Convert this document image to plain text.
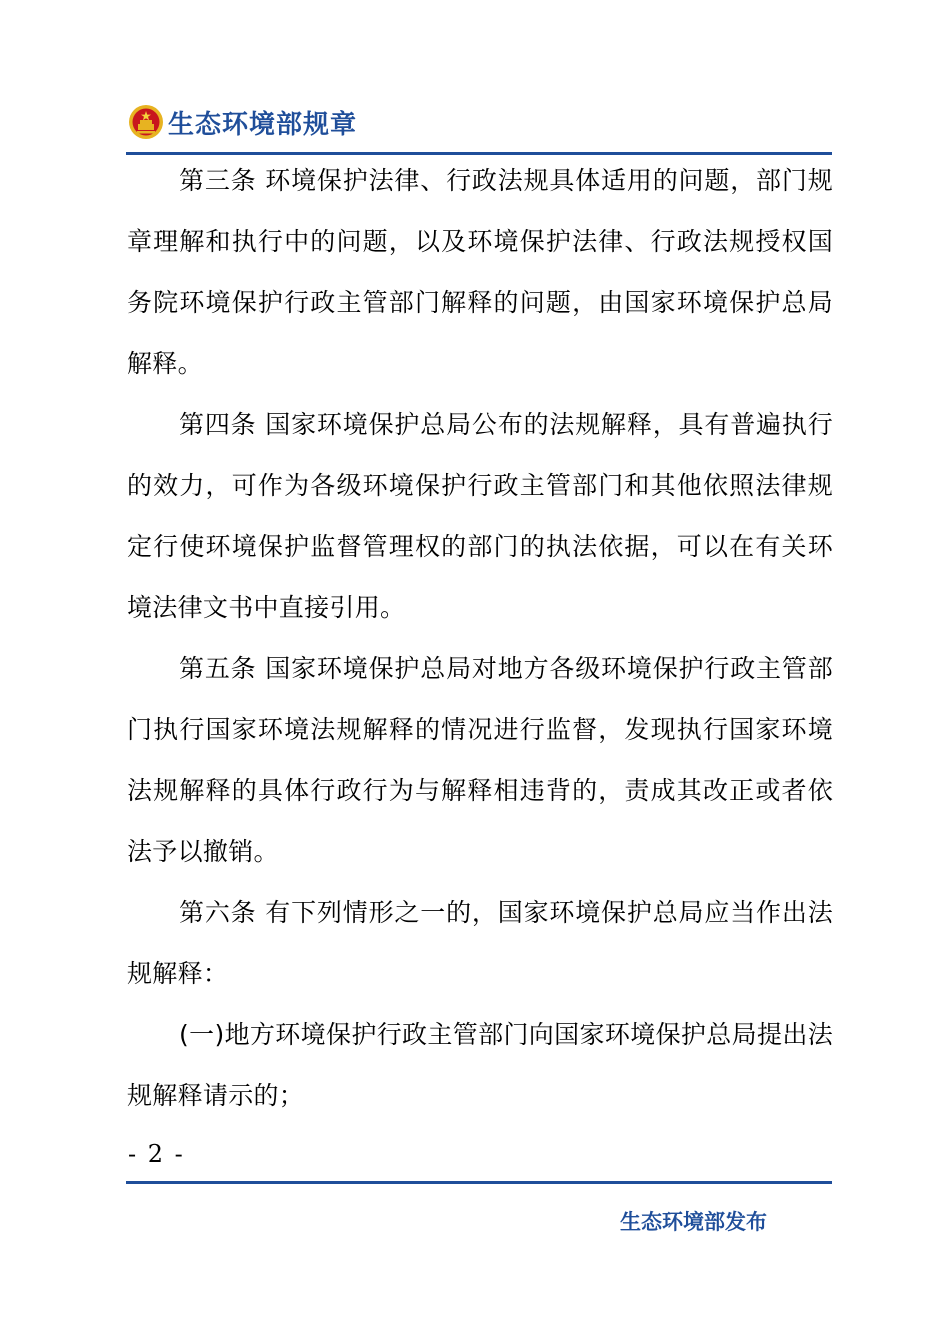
生态环境部规章

第三条 环境保护法律、行政法规具体适用的问题，部门规章理解和执行中的问题，以及环境保护法律、行政法规授权国务院环境保护行政主管部门解释的问题，由国家环境保护总局解释。

第四条 国家环境保护总局公布的法规解释，具有普遍执行的效力，可作为各级环境保护行政主管部门和其他依照法律规定行使环境保护监督管理权的部门的执法依据，可以在有关环境法律文书中直接引用。

第五条 国家环境保护总局对地方各级环境保护行政主管部门执行国家环境法规解释的情况进行监督，发现执行国家环境法规解释的具体行政行为与解释相违背的，责成其改正或者依法予以撤销。

第六条 有下列情形之一的，国家环境保护总局应当作出法规解释：

(一)地方环境保护行政主管部门向国家环境保护总局提出法规解释请示的；

- 2 -
生态环境部发布
